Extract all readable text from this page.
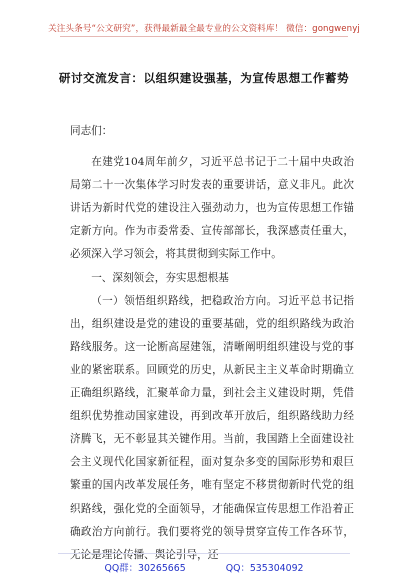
关注头条号“公文研究”，获得最新最全最专业的公文资料库！ 微信：gongwenyj
研讨交流发言：以组织建设强基，为宣传思想工作蓄势

同志们：

在建党104周年前夕，习近平总书记于二十届中央政治局第二十一次集体学习时发表的重要讲话，意义非凡。此次讲话为新时代党的建设注入强劲动力，也为宣传思想工作锚定新方向。作为市委常委、宣传部部长，我深感责任重大，必须深入学习领会，将其贯彻到实际工作中。

一、深刻领会，夯实思想根基

（一）领悟组织路线，把稳政治方向。习近平总书记指出，组织建设是党的建设的重要基础，党的组织路线为政治路线服务。这一论断高屋建瓴，清晰阐明组织建设与党的事业的紧密联系。回顾党的历史，从新民主主义革命时期确立正确组织路线，汇聚革命力量，到社会主义建设时期，凭借组织优势推动国家建设，再到改革开放后，组织路线助力经济腾飞，无不彰显其关键作用。当前，我国踏上全面建设社会主义现代化国家新征程，面对复杂多变的国际形势和艰巨繁重的国内改革发展任务，唯有坚定不移贯彻新时代党的组织路线，强化党的全面领导，才能确保宣传思想工作沿着正确政治方向前行。我们要将党的领导贯穿宣传工作各环节，无论是理论传播、舆论引导，还

QQ群：30265665	QQ：535304092
